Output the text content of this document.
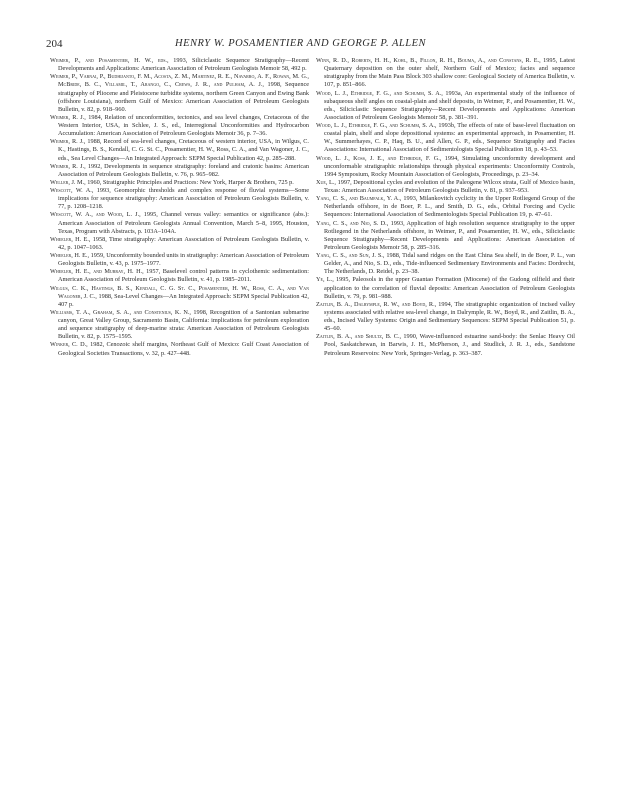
204	HENRY W. POSAMENTIER AND GEORGE P. ALLEN

Weimer, P., and Posamentier, H. W., eds., 1993, Siliciclastic Sequence Stratigraphy—Recent Developments and Applications: American Association of Petroleum Geologists Memoir 58, 492 p.

Weimer, P., Varnai, P., Budhijanto, F. M., Acosta, Z. M., Martinez, R. E., Navarro, A. F., Rowan, M. G., McBride, B. C., Villamil, T., Arango, C., Crews, J. R., and Pulham, A. J., 1998, Sequence stratigraphy of Pliocene and Pleistocene turbidite systems, northern Green Canyon and Ewing Bank (offshore Louisiana), northern Gulf of Mexico: American Association of Petroleum Geologists Bulletin, v. 82, p. 918–960.

Weimer, R. J., 1984, Relation of unconformities, tectonics, and sea level changes, Cretaceous of the Western Interior, USA, in Schlee, J. S., ed., Interregional Unconformities and Hydrocarbon Accumulation: American Association of Petroleum Geologists Memoir 36, p. 7–36.

Weimer, R. J., 1988, Record of sea-level changes, Cretaceous of western interior, USA, in Wilgus, C. K., Hastings, B. S., Kendall, C. G. St. C., Posamentier, H. W., Ross, C. A., and Van Wagoner, J. C., eds., Sea Level Changes—An Integrated Approach: SEPM Special Publication 42, p. 285–288.

Weimer, R. J., 1992, Developments in sequence stratigraphy: foreland and cratonic basins: American Association of Petroleum Geologists Bulletin, v. 76, p. 965–982.

Weller, J. M., 1960, Stratigraphic Principles and Practices: New York, Harper & Brothers, 725 p.

Wescott, W. A., 1993, Geomorphic thresholds and complex response of fluvial systems—Some implications for sequence stratigraphy: American Association of Petroleum Geologists Bulletin, v. 77, p. 1208–1218.

Wescott, W. A., and Wood, L. J., 1995, Channel versus valley: semantics or significance (abs.): American Association of Petroleum Geologists Annual Convention, March 5–8, 1995, Houston, Texas, Program with Abstracts, p. 103A–104A.

Wheeler, H. E., 1958, Time stratigraphy: American Association of Petroleum Geologists Bulletin, v. 42, p. 1047–1063.

Wheeler, H. E., 1959, Unconformity bounded units in stratigraphy: American Association of Petroleum Geologists Bulletin, v. 43, p. 1975–1977.

Wheeler, H. E., and Murray, H. H., 1957, Baselevel control patterns in cyclothemic sedimentation: American Association of Petroleum Geologists Bulletin, v. 41, p. 1985–2011.

Wilgus, C. K., Hastings, B. S., Kendall, C. G. St. C., Posamentier, H. W., Ross, C. A., and Van Wagoner, J. C., 1988, Sea-Level Changes—An Integrated Approach: SEPM Special Publication 42, 407 p.

Williams, T. A., Graham, S. A., and Constenius, K. N., 1998, Recognition of a Santonian submarine canyon, Great Valley Group, Sacramento Basin, California: implications for petroleum exploration and sequence stratigraphy of deep-marine strata: American Association of Petroleum Geologists Bulletin, v. 82, p. 1575–1595.

Winker, C. D., 1982, Cenozoic shelf margins, Northeast Gulf of Mexico: Gulf Coast Association of Geological Societies Transactions, v. 32, p. 427–448.

Winn, R. D., Roberts, H. H., Kohl, B., Fillon, R. H., Bouma, A., and Constans, R. E., 1995, Latest Quaternary deposition on the outer shelf, Northern Gulf of Mexico; facies and sequence stratigraphy from the Main Pass Block 303 shallow core: Geological Society of America Bulletin, v. 107, p. 851–866.

Wood, L. J., Ethridge, F. G., and Schumm, S. A., 1993a, An experimental study of the influence of subaqueous shelf angles on coastal-plain and shelf deposits, in Weimer, P., and Posamentier, H. W., eds., Siliciclastic Sequence Stratigraphy—Recent Developments and Applications: American Association of Petroleum Geologists Memoir 58, p. 381–391.

Wood, L. J., Ethridge, F. G., and Schumm, S. A., 1993b, The effects of rate of base-level fluctuation on coastal plain, shelf and slope depositional systems: an experimental approach, in Posamentier, H. W., Summerhayes, C. P., Haq, B. U., and Allen, G. P., eds., Sequence Stratigraphy and Facies Associations: International Association of Sedimentologists Special Publication 18, p. 43–53.

Wood, L. J., Koss, J. E., and Ethridge, F. G., 1994, Simulating unconformity development and unconformable stratigraphic relationships through physical experiments: Unconformity Controls, 1994 Symposium, Rocky Mountain Association of Geologists, Proceedings, p. 23–34.

Xue, L., 1997, Depositional cycles and evolution of the Paleogene Wilcox strata, Gulf of Mexico basin, Texas: American Association of Petroleum Geologists Bulletin, v. 81, p. 937–953.

Yang, C. S., and Baumfalk, Y. A., 1993, Milankovitch cyclicity in the Upper Rotliegend Group of the Netherlands offshore, in de Boer, P. L., and Smith, D. G., eds., Orbital Forcing and Cyclic Sequences: International Association of Sedimentologists Special Publication 19, p. 47–61.

Yang, C. S., and Nio, S. D., 1993, Application of high resolution sequence stratigraphy to the upper Rotliegend in the Netherlands offshore, in Weimer, P., and Posamentier, H. W., eds., Siliciclastic Sequence Stratigraphy—Recent Developments and Applications: American Association of Petroleum Geologists Memoir 58, p. 285–316.

Yang, C. S., and Sun, J. S., 1988, Tidal sand ridges on the East China Sea shelf, in de Boer, P. L., van Gelder, A., and Nio, S. D., eds., Tide-influenced Sedimentary Environments and Facies: Dordrecht, The Netherlands, D. Reidel, p. 23–38.

Ye, L., 1995, Paleosols in the upper Guantao Formation (Miocene) of the Gudong oilfield and their application to the correlation of fluvial deposits: American Association of Petroleum Geologists Bulletin, v. 79, p. 981–988.

Zaitlin, B. A., Dalrymple, R. W., and Boyd, R., 1994, The stratigraphic organization of incised valley systems associated with relative sea-level change, in Dalrymple, R. W., Boyd, R., and Zaitlin, B. A., eds., Incised Valley Systems: Origin and Sedimentary Sequences: SEPM Special Publication 51, p. 45–60.

Zaitlin, B. A., and Shultz, B. C., 1990, Wave-influenced estuarine sand-body: the Senlac Heavy Oil Pool, Saskatchewan, in Barwis, J. H., McPherson, J., and Studlick, J. R. J., eds., Sandstone Petroleum Reservoirs: New York, Springer-Verlag, p. 363–387.
